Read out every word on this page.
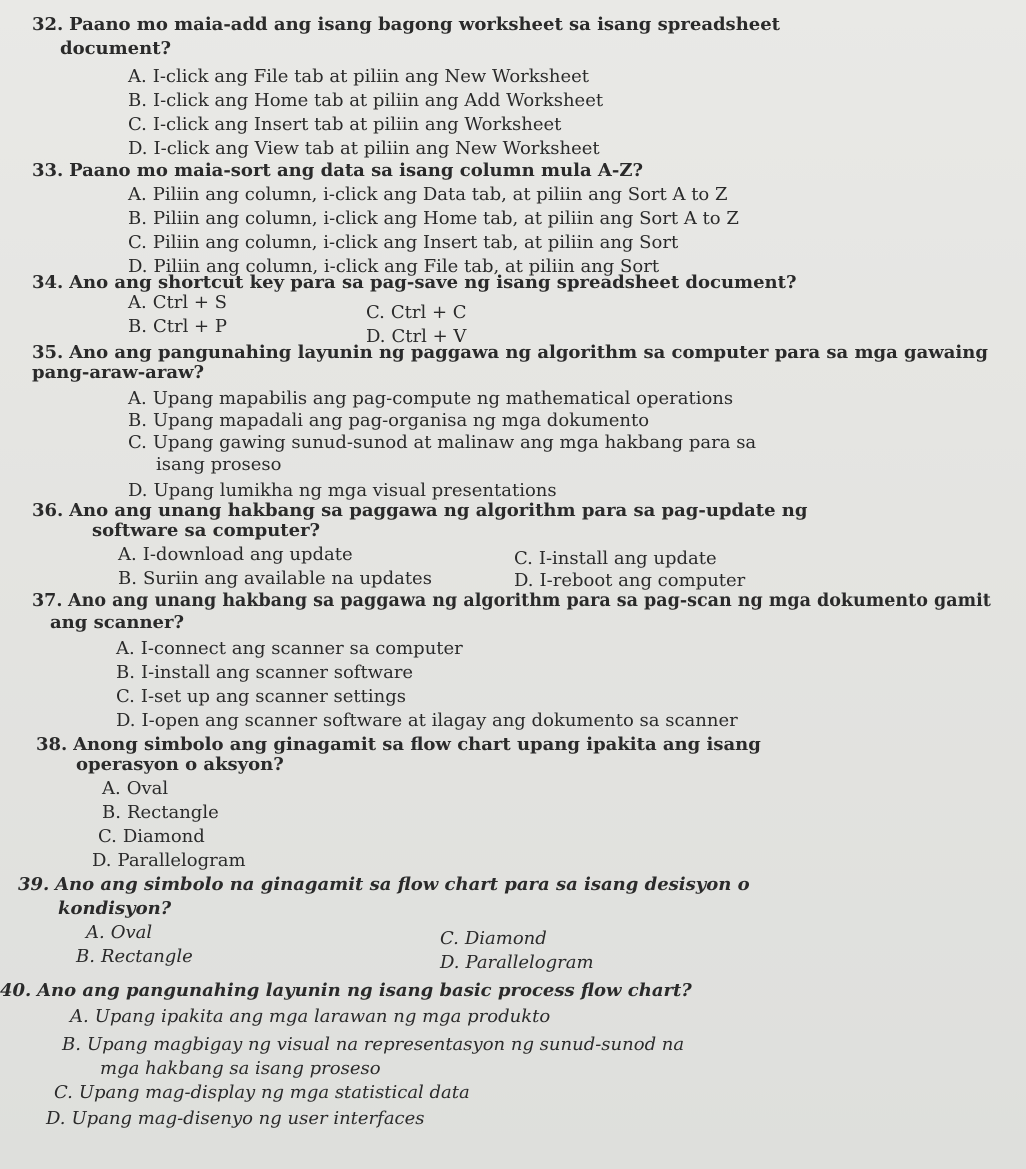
32. Paano mo maia-add ang isang bagong worksheet sa isang spreadsheet
document?
A. I-click ang File tab at piliin ang New Worksheet
B. I-click ang Home tab at piliin ang Add Worksheet
C. I-click ang Insert tab at piliin ang Worksheet
D. I-click ang View tab at piliin ang New Worksheet
33. Paano mo maia-sort ang data sa isang column mula A-Z?
A. Piliin ang column, i-click ang Data tab, at piliin ang Sort A to Z
B. Piliin ang column, i-click ang Home tab, at piliin ang Sort A to Z
C. Piliin ang column, i-click ang Insert tab, at piliin ang Sort
D. Piliin ang column, i-click ang File tab, at piliin ang Sort
34. Ano ang shortcut key para sa pag-save ng isang spreadsheet document?
A. Ctrl + S
B. Ctrl + P
C. Ctrl + C
D. Ctrl + V
35. Ano ang pangunahing layunin ng paggawa ng algorithm sa computer para sa mga gawaing
pang-araw-araw?
A. Upang mapabilis ang pag-compute ng mathematical operations
B. Upang mapadali ang pag-organisa ng mga dokumento
C. Upang gawing sunud-sunod at malinaw ang mga hakbang para sa
isang proseso
D. Upang lumikha ng mga visual presentations
36. Ano ang unang hakbang sa paggawa ng algorithm para sa pag-update ng
software sa computer?
A. I-download ang update
B. Suriin ang available na updates
C. I-install ang update
D. I-reboot ang computer
37. Ano ang unang hakbang sa paggawa ng algorithm para sa pag-scan ng mga dokumento gamit
ang scanner?
A. I-connect ang scanner sa computer
B. I-install ang scanner software
C. I-set up ang scanner settings
D. I-open ang scanner software at ilagay ang dokumento sa scanner
38. Anong simbolo ang ginagamit sa flow chart upang ipakita ang isang
operasyon o aksyon?
A. Oval
B. Rectangle
C. Diamond
D. Parallelogram
39. Ano ang simbolo na ginagamit sa flow chart para sa isang desisyon o
kondisyon?
A. Oval
B. Rectangle
C. Diamond
D. Parallelogram
40. Ano ang pangunahing layunin ng isang basic process flow chart?
A. Upang ipakita ang mga larawan ng mga produkto
B. Upang magbigay ng visual na representasyon ng sunud-sunod na
mga hakbang sa isang proseso
C. Upang mag-display ng mga statistical data
D. Upang mag-disenyo ng user interfaces
